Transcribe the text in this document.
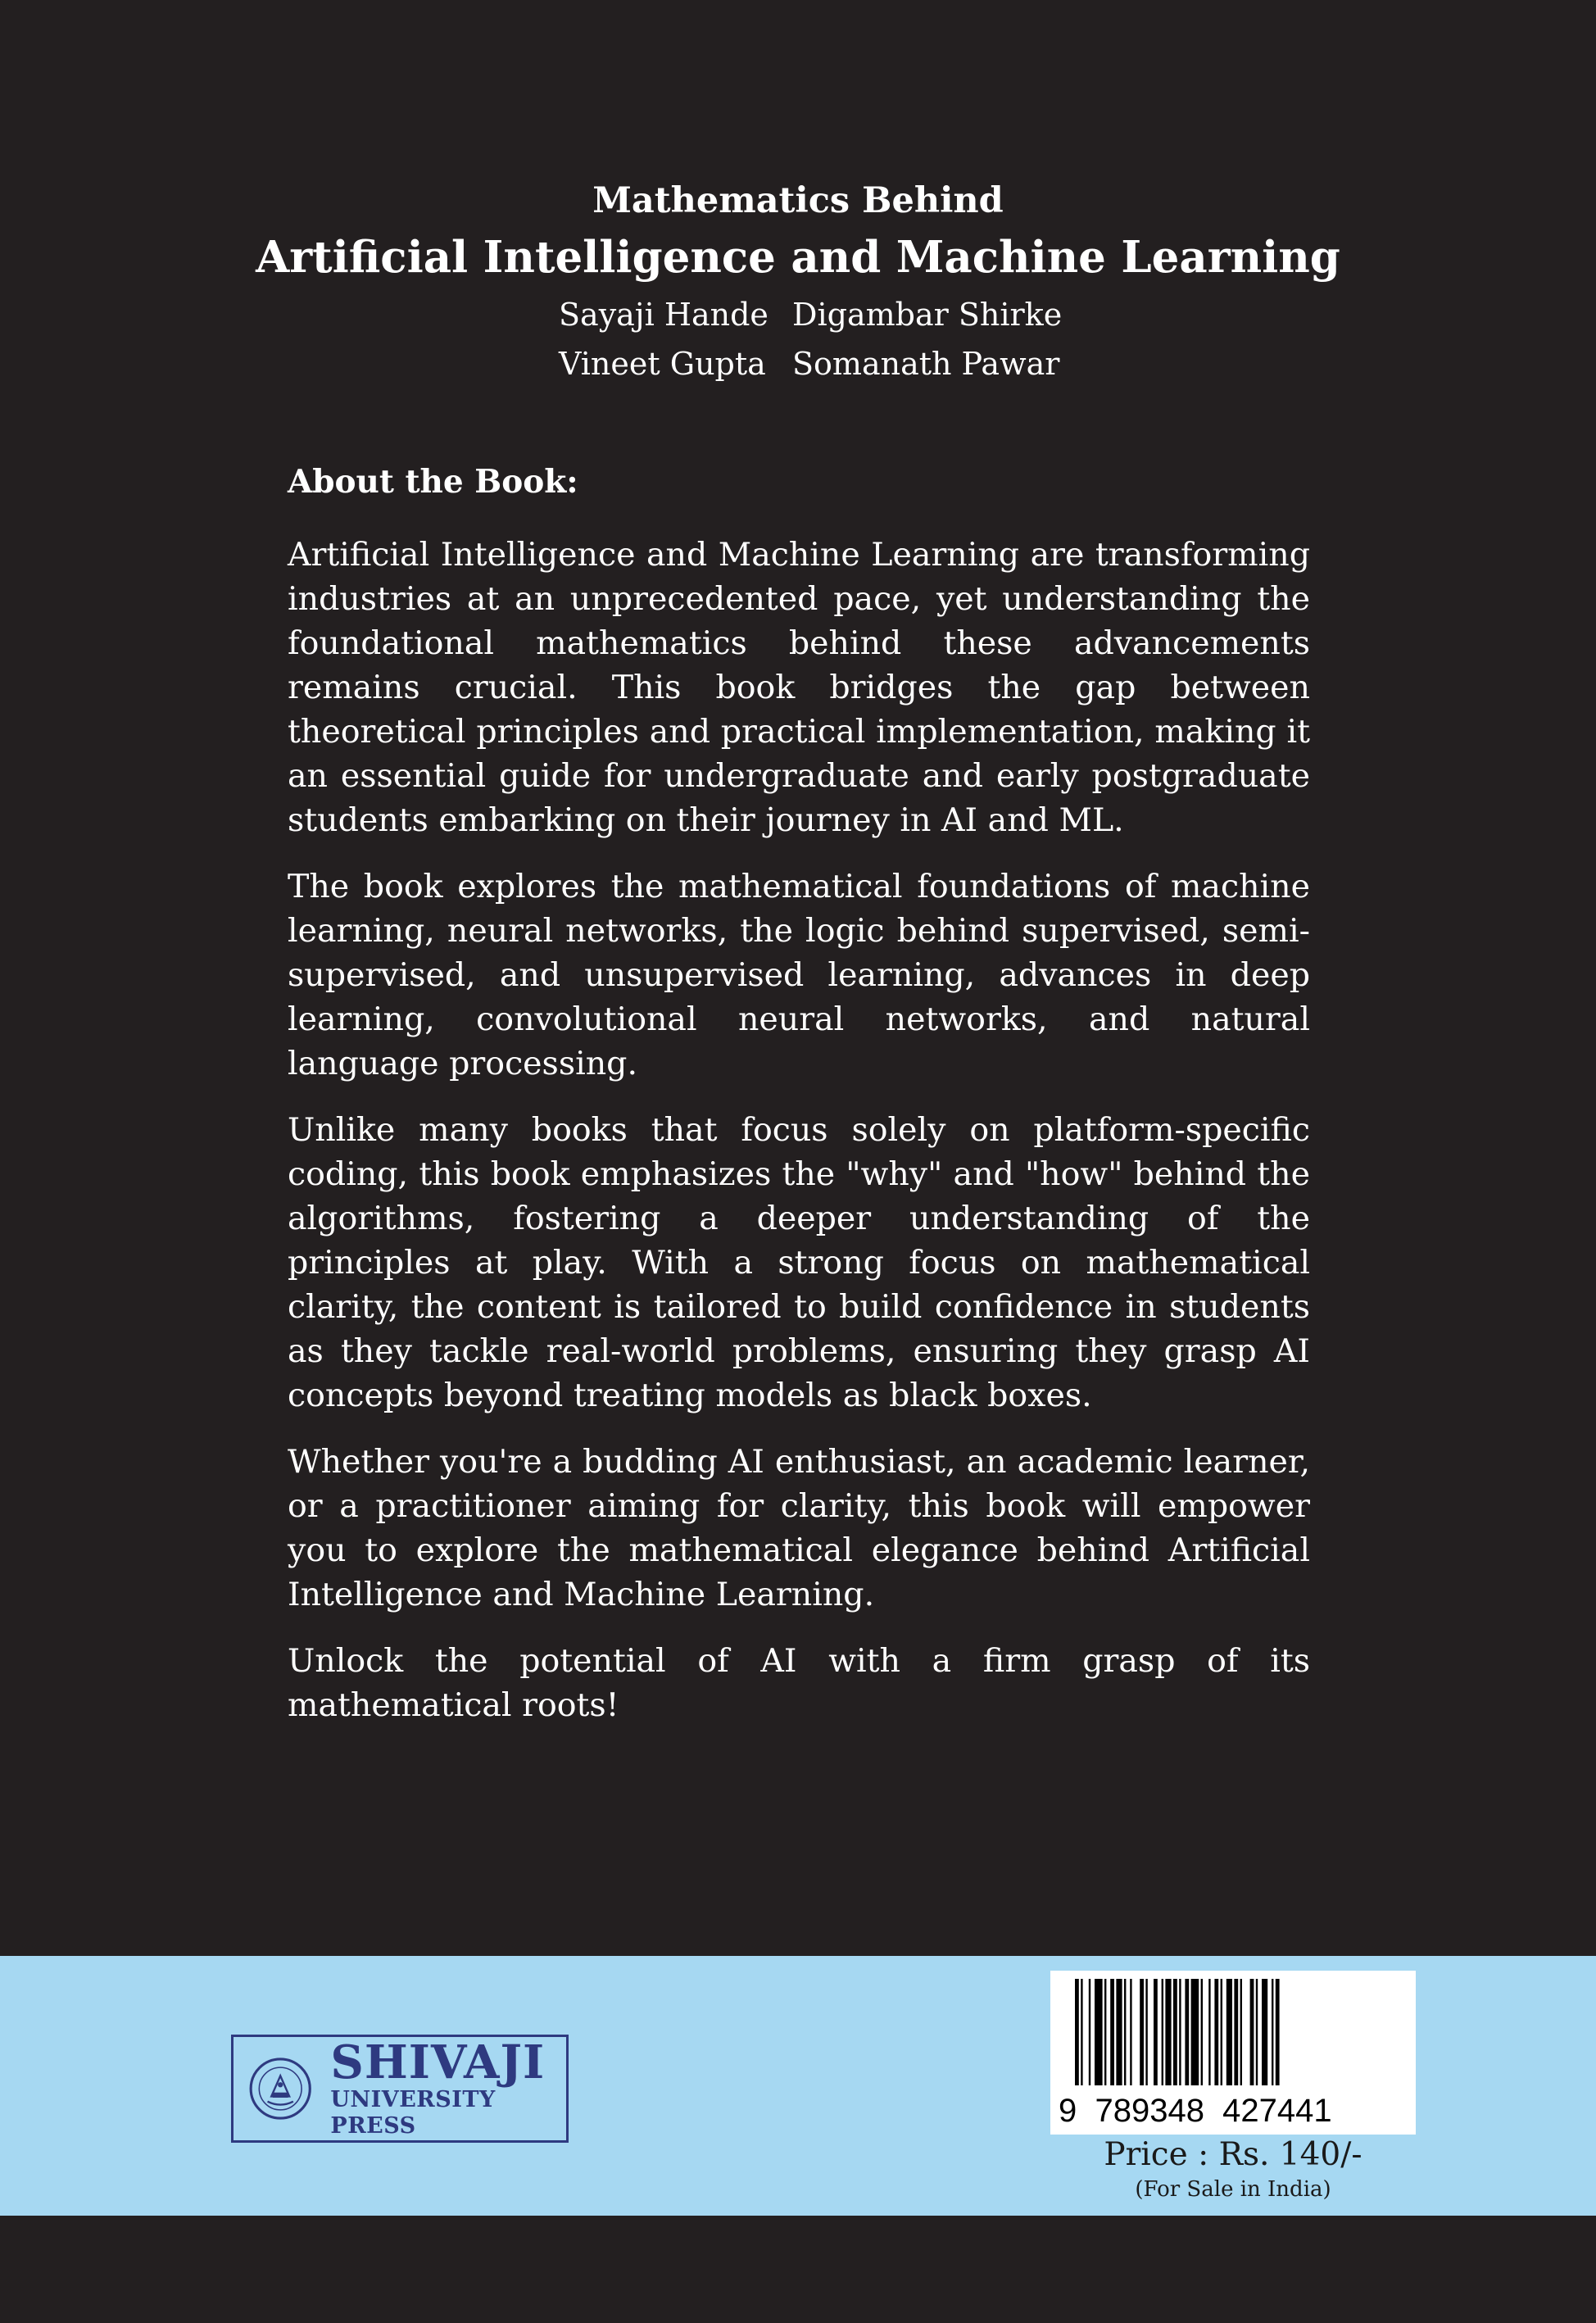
Mathematics Behind
Artificial Intelligence and Machine Learning
Sayaji Hande Digambar Shirke
Vineet Gupta Somanath Pawar
About the Book:

Artificial Intelligence and Machine Learning are transforming industries at an unprecedented pace, yet understanding the foundational mathematics behind these advancements remains crucial. This book bridges the gap between theoretical principles and practical implementation, making it an essential guide for undergraduate and early postgraduate students embarking on their journey in AI and ML.

The book explores the mathematical foundations of machine learning, neural networks, the logic behind supervised, semi-supervised, and unsupervised learning, advances in deep learning, convolutional neural networks, and natural language processing.

Unlike many books that focus solely on platform-specific coding, this book emphasizes the "why" and "how" behind the algorithms, fostering a deeper understanding of the principles at play. With a strong focus on mathematical clarity, the content is tailored to build confidence in students as they tackle real-world problems, ensuring they grasp AI concepts beyond treating models as black boxes.

Whether you're a budding AI enthusiast, an academic learner, or a practitioner aiming for clarity, this book will empower you to explore the mathematical elegance behind Artificial Intelligence and Machine Learning.

Unlock the potential of AI with a firm grasp of its mathematical roots!

SHIVAJI
UNIVERSITY PRESS	9  789348  427441
Price : Rs. 140/-
(For Sale in India)
